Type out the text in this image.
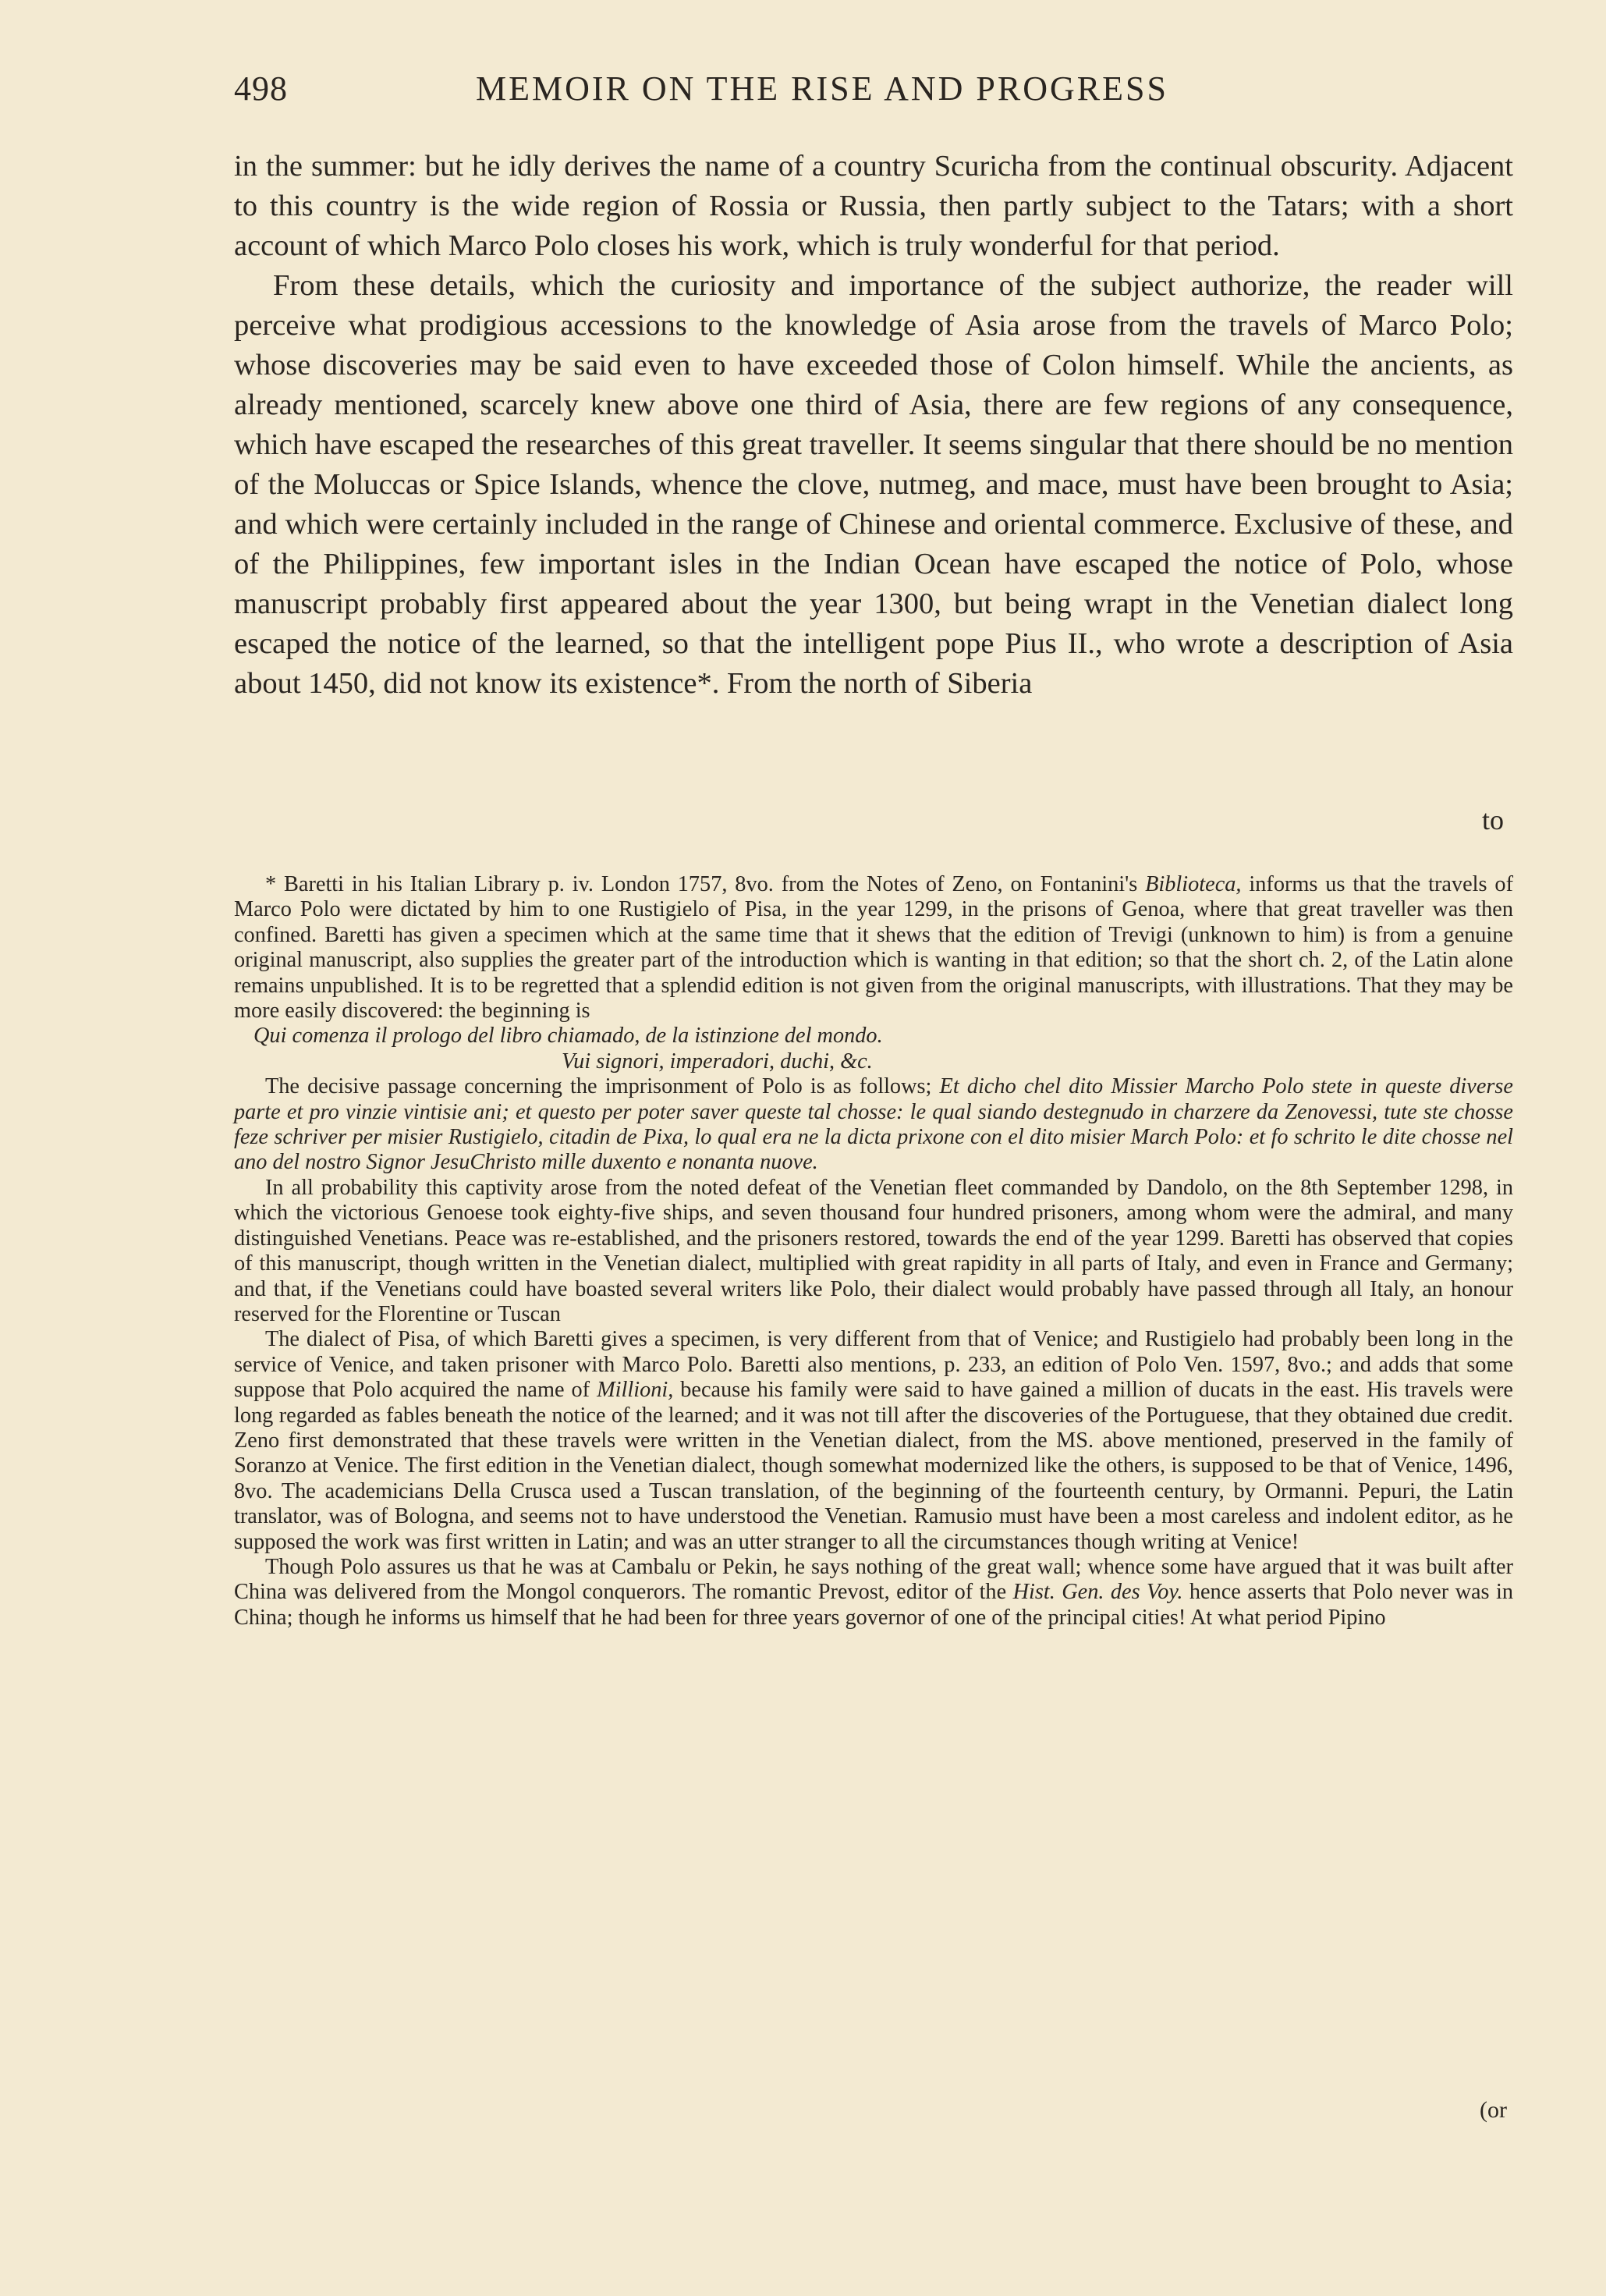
498	MEMOIR ON THE RISE AND PROGRESS

in the summer: but he idly derives the name of a country Scuricha from the continual obscurity. Adjacent to this country is the wide region of Rossia or Russia, then partly subject to the Tatars; with a short account of which Marco Polo closes his work, which is truly wonderful for that period.

From these details, which the curiosity and importance of the subject authorize, the reader will perceive what prodigious accessions to the knowledge of Asia arose from the travels of Marco Polo; whose discoveries may be said even to have exceeded those of Colon himself. While the ancients, as already mentioned, scarcely knew above one third of Asia, there are few regions of any consequence, which have escaped the researches of this great traveller. It seems singular that there should be no mention of the Moluccas or Spice Islands, whence the clove, nutmeg, and mace, must have been brought to Asia; and which were certainly included in the range of Chinese and oriental commerce. Exclusive of these, and of the Philippines, few important isles in the Indian Ocean have escaped the notice of Polo, whose manuscript probably first appeared about the year 1300, but being wrapt in the Venetian dialect long escaped the notice of the learned, so that the intelligent pope Pius II., who wrote a description of Asia about 1450, did not know its existence*. From the north of Siberia

to

* Baretti in his Italian Library p. iv. London 1757, 8vo. from the Notes of Zeno, on Fontanini's Biblioteca, informs us that the travels of Marco Polo were dictated by him to one Rustigielo of Pisa, in the year 1299, in the prisons of Genoa, where that great traveller was then confined. Baretti has given a specimen which at the same time that it shews that the edition of Trevigi (unknown to him) is from a genuine original manuscript, also supplies the greater part of the introduction which is wanting in that edition; so that the short ch. 2, of the Latin alone remains unpublished. It is to be regretted that a splendid edition is not given from the original manuscripts, with illustrations. That they may be more easily discovered: the beginning is

Qui comenza il prologo del libro chiamado, de la istinzione del mondo.

Vui signori, imperadori, duchi, &c.

The decisive passage concerning the imprisonment of Polo is as follows; Et dicho chel dito Missier Marcho Polo stete in queste diverse parte et pro vinzie vintisie ani; et questo per poter saver queste tal chosse: le qual siando destegnudo in charzere da Zenovessi, tute ste chosse feze schriver per misier Rustigielo, citadin de Pixa, lo qual era ne la dicta prixone con el dito misier March Polo: et fo schrito le dite chosse nel ano del nostro Signor JesuChristo mille duxento e nonanta nuove.

In all probability this captivity arose from the noted defeat of the Venetian fleet commanded by Dandolo, on the 8th September 1298, in which the victorious Genoese took eighty-five ships, and seven thousand four hundred prisoners, among whom were the admiral, and many distinguished Venetians. Peace was re-established, and the prisoners restored, towards the end of the year 1299. Baretti has observed that copies of this manuscript, though written in the Venetian dialect, multiplied with great rapidity in all parts of Italy, and even in France and Germany; and that, if the Venetians could have boasted several writers like Polo, their dialect would probably have passed through all Italy, an honour reserved for the Florentine or Tuscan

The dialect of Pisa, of which Baretti gives a specimen, is very different from that of Venice; and Rustigielo had probably been long in the service of Venice, and taken prisoner with Marco Polo. Baretti also mentions, p. 233, an edition of Polo Ven. 1597, 8vo.; and adds that some suppose that Polo acquired the name of Millioni, because his family were said to have gained a million of ducats in the east. His travels were long regarded as fables beneath the notice of the learned; and it was not till after the discoveries of the Portuguese, that they obtained due credit. Zeno first demonstrated that these travels were written in the Venetian dialect, from the MS. above mentioned, preserved in the family of Soranzo at Venice. The first edition in the Venetian dialect, though somewhat modernized like the others, is supposed to be that of Venice, 1496, 8vo. The academicians Della Crusca used a Tuscan translation, of the beginning of the fourteenth century, by Ormanni. Pepuri, the Latin translator, was of Bologna, and seems not to have understood the Venetian. Ramusio must have been a most careless and indolent editor, as he supposed the work was first written in Latin; and was an utter stranger to all the circumstances though writing at Venice!

Though Polo assures us that he was at Cambalu or Pekin, he says nothing of the great wall; whence some have argued that it was built after China was delivered from the Mongol conquerors. The romantic Prevost, editor of the Hist. Gen. des Voy. hence asserts that Polo never was in China; though he informs us himself that he had been for three years governor of one of the principal cities! At what period Pipino

(or
